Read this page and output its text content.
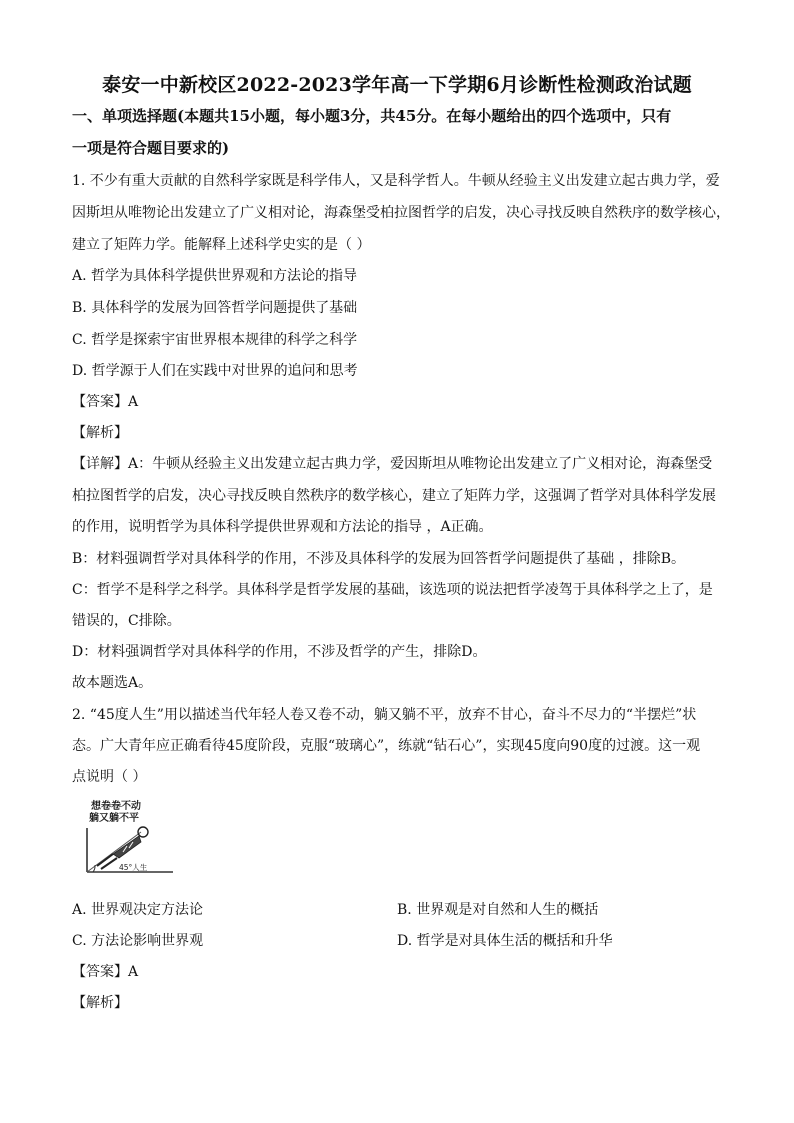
泰安一中新校区2022-2023学年高一下学期6月诊断性检测政治试题
一、单项选择题(本题共15小题，每小题3分，共45分。在每小题给出的四个选项中，只有
一项是符合题目要求的)
1. 不少有重大贡献的自然科学家既是科学伟人，又是科学哲人。牛顿从经验主义出发建立起古典力学，爱
因斯坦从唯物论出发建立了广义相对论，海森堡受柏拉图哲学的启发，决心寻找反映自然秩序的数学核心，
建立了矩阵力学。能解释上述科学史实的是（ ）
A. 哲学为具体科学提供世界观和方法论的指导
B. 具体科学的发展为回答哲学问题提供了基础
C. 哲学是探索宇宙世界根本规律的科学之科学
D. 哲学源于人们在实践中对世界的追问和思考
【答案】A
【解析】
【详解】A：牛顿从经验主义出发建立起古典力学，爱因斯坦从唯物论出发建立了广义相对论，海森堡受
柏拉图哲学的启发，决心寻找反映自然秩序的数学核心，建立了矩阵力学，这强调了哲学对具体科学发展
的作用，说明哲学为具体科学提供世界观和方法论的指导 ，A正确。
B：材料强调哲学对具体科学的作用，不涉及具体科学的发展为回答哲学问题提供了基础 ，排除B。
C：哲学不是科学之科学。具体科学是哲学发展的基础，该选项的说法把哲学凌驾于具体科学之上了，是
错误的，C排除。
D：材料强调哲学对具体科学的作用，不涉及哲学的产生，排除D。
故本题选A。
2. “45度人生”用以描述当代年轻人卷又卷不动，躺又躺不平，放弃不甘心，奋斗不尽力的“半摆烂”状
态。广大青年应正确看待45度阶段，克服“玻璃心”，练就“钻石心”，实现45度向90度的过渡。这一观
点说明（ ）
想卷卷不动
躺又躺不平
45°人生
A. 世界观决定方法论	B. 世界观是对自然和人生的概括
C. 方法论影响世界观	D. 哲学是对具体生活的概括和升华
【答案】A
【解析】
